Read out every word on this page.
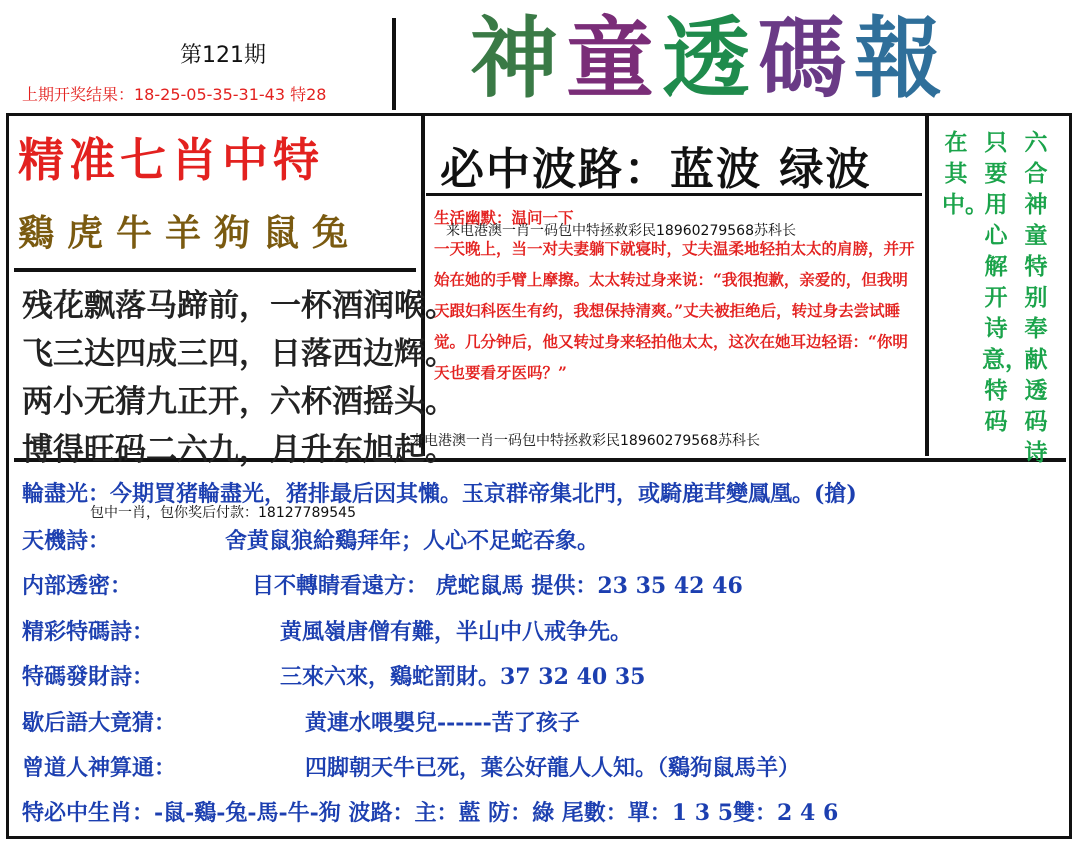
第121期
上期开奖结果：18-25-05-35-31-43 特28 神童透碼報
精准七肖中特
鷄虎牛羊狗鼠兔
残花飘落马蹄前，一杯酒润喉。
飞三达四成三四，日落西边辉。
两小无猜九正开，六杯酒摇头。
博得旺码二六九，月升东旭起。
必中波路：蓝波 绿波
生活幽默：温问一下
一天晚上，当一对夫妻躺下就寝时，丈夫温柔地轻拍太太的肩膀，并开始在她的手臂上摩擦。太太转过身来说：“我很抱歉，亲爱的，但我明天跟妇科医生有约，我想保持清爽。”丈夫被拒绝后，转过身去尝试睡觉。几分钟后，他又转过身来轻拍他太太，这次在她耳边轻语：“你明天也要看牙医吗？”
来电港澳一肖一码包中特拯救彩民18960279568苏科长
来电港澳一肖一码包中特拯救彩民18960279568苏科长
包中一肖，包你奖后付款：18127789545
六合神童特别奉献透码诗
只要用心解开诗意，特码
在其中。
輪盡光：今期買猪輪盡光，猪排最后因其懶。玉京群帝集北門，或騎鹿茸變鳳凰。(搶)
天機詩：	舍黄鼠狼給鷄拜年；人心不足蛇吞象。
内部透密：	目不轉睛看遠方： 虎蛇鼠馬 提供：23 35 42 46
精彩特碼詩：	黄風嶺唐僧有難，半山中八戒争先。
特碼發財詩：	三來六來，鷄蛇罰財。37 32 40 35
歇后語大竟猜：	黄連水喂嬰兒------苦了孩子
曾道人神算通：	四脚朝天牛已死，葉公好龍人人知。（鷄狗鼠馬羊）
特必中生肖：-鼠-鷄-兔-馬-牛-狗 波路：主：藍 防：綠 尾數：單：1 3 5雙：2 4 6
